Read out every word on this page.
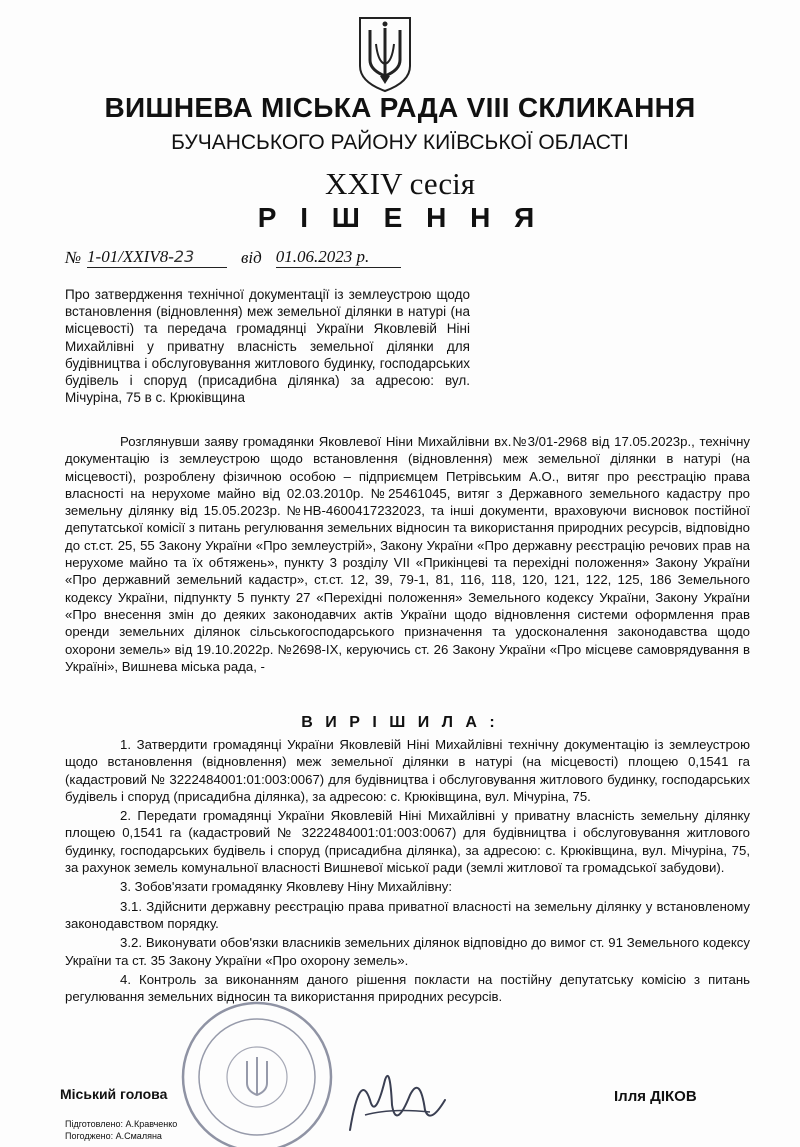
ВИШНЕВА МІСЬКА РАДА VIII СКЛИКАННЯ
БУЧАНСЬКОГО РАЙОНУ КИЇВСЬКОЇ ОБЛАСТІ
XXIV сесія
Р І Ш Е Н Н Я
№ 1-01/XXIV8-23	від 01.06.2023 р.
Про затвердження технічної документації із землеустрою щодо встановлення (відновлення) меж земельної ділянки в натурі (на місцевості) та передача громадянці України Яковлевій Ніні Михайлівні у приватну власність земельної ділянки для будівництва і обслуговування житлового будинку, господарських будівель і споруд (присадибна ділянка) за адресою: вул. Мічуріна, 75 в с. Крюківщина

Розглянувши заяву громадянки Яковлевої Ніни Михайлівни вх.№3/01-2968 від 17.05.2023р., технічну документацію із землеустрою щодо встановлення (відновлення) меж земельної ділянки в натурі (на місцевості), розроблену фізичною особою – підприємцем Петрівським А.О., витяг про реєстрацію права власності на нерухоме майно від 02.03.2010р. №25461045, витяг з Державного земельного кадастру про земельну ділянку від 15.05.2023р. №НВ-4600417232023, та інші документи, враховуючи висновок постійної депутатської комісії з питань регулювання земельних відносин та використання природних ресурсів, відповідно до ст.ст. 25, 55 Закону України «Про землеустрій», Закону України «Про державну реєстрацію речових прав на нерухоме майно та їх обтяжень», пункту 3 розділу VII «Прикінцеві та перехідні положення» Закону України «Про державний земельний кадастр», ст.ст. 12, 39, 79-1, 81, 116, 118, 120, 121, 122, 125, 186 Земельного кодексу України, підпункту 5 пункту 27 «Перехідні положення» Земельного кодексу України, Закону України «Про внесення змін до деяких законодавчих актів України щодо відновлення системи оформлення прав оренди земельних ділянок сільськогосподарського призначення та удосконалення законодавства щодо охорони земель» від 19.10.2022р. №2698-IX, керуючись ст. 26 Закону України «Про місцеве самоврядування в Україні», Вишнева міська рада, -

В И Р І Ш И Л А :

1. Затвердити громадянці України Яковлевій Ніні Михайлівні технічну документацію із землеустрою щодо встановлення (відновлення) меж земельної ділянки в натурі (на місцевості) площею 0,1541 га (кадастровий № 3222484001:01:003:0067) для будівництва і обслуговування житлового будинку, господарських будівель і споруд (присадибна ділянка), за адресою: с. Крюківщина, вул. Мічуріна, 75.

2. Передати громадянці України Яковлевій Ніні Михайлівні у приватну власність земельну ділянку площею 0,1541 га (кадастровий № 3222484001:01:003:0067) для будівництва і обслуговування житлового будинку, господарських будівель і споруд (присадибна ділянка), за адресою: с. Крюківщина, вул. Мічуріна, 75, за рахунок земель комунальної власності Вишневої міської ради (землі житлової та громадської забудови).

3. Зобов'язати громадянку Яковлеву Ніну Михайлівну:

3.1. Здійснити державну реєстрацію права приватної власності на земельну ділянку у встановленому законодавством порядку.

3.2. Виконувати обов'язки власників земельних ділянок відповідно до вимог ст. 91 Земельного кодексу України та ст. 35 Закону України «Про охорону земель».

4. Контроль за виконанням даного рішення покласти на постійну депутатську комісію з питань регулювання земельних відносин та використання природних ресурсів.

Міський голова	Ілля ДІКОВ
Підготовлено: А.Кравченко
Погоджено: А.Смаляна
